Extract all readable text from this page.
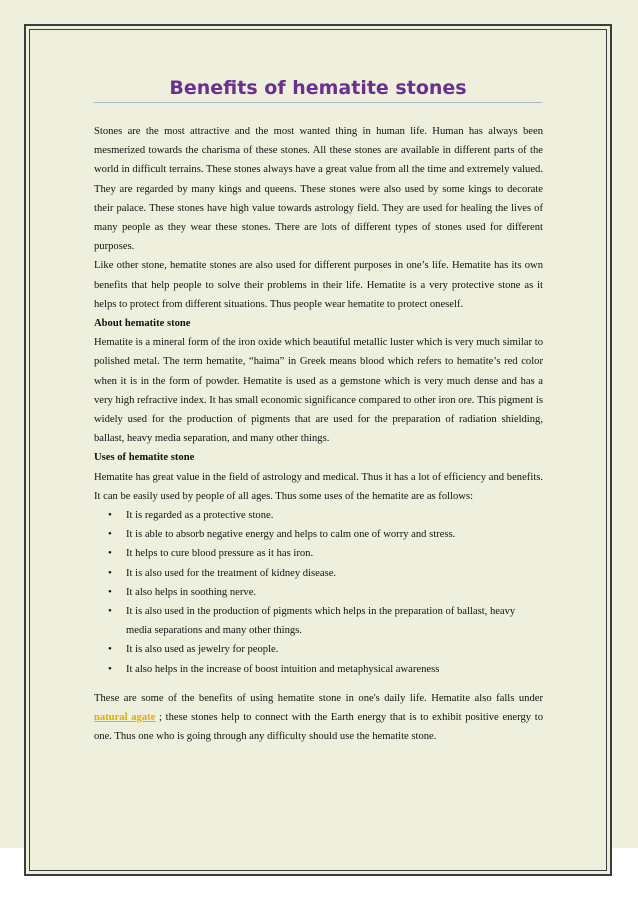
Benefits of hematite stones

Stones are the most attractive and the most wanted thing in human life. Human has always been mesmerized towards the charisma of these stones. All these stones are available in different parts of the world in difficult terrains. These stones always have a great value from all the time and extremely valued. They are regarded by many kings and queens. These stones were also used by some kings to decorate their palace. These stones have high value towards astrology field. They are used for healing the lives of many people as they wear these stones. There are lots of different types of stones used for different purposes.

Like other stone, hematite stones are also used for different purposes in one’s life. Hematite has its own benefits that help people to solve their problems in their life. Hematite is a very protective stone as it helps to protect from different situations. Thus people wear hematite to protect oneself.

About hematite stone

Hematite is a mineral form of the iron oxide which beautiful metallic luster which is very much similar to polished metal. The term hematite, “haima” in Greek means blood which refers to hematite’s red color when it is in the form of powder. Hematite is used as a gemstone which is very much dense and has a very high refractive index. It has small economic significance compared to other iron ore. This pigment is widely used for the production of pigments that are used for the preparation of radiation shielding, ballast, heavy media separation, and many other things.

Uses of hematite stone

Hematite has great value in the field of astrology and medical. Thus it has a lot of efficiency and benefits. It can be easily used by people of all ages. Thus some uses of the hematite are as follows:

• It is regarded as a protective stone.
• It is able to absorb negative energy and helps to calm one of worry and stress.
• It helps to cure blood pressure as it has iron.
• It is also used for the treatment of kidney disease.
• It also helps in soothing nerve.
• It is also used in the production of pigments which helps in the preparation of ballast, heavy media separations and many other things.
• It is also used as jewelry for people.
• It also helps in the increase of boost intuition and metaphysical awareness

These are some of the benefits of using hematite stone in one's daily life. Hematite also falls under natural agate ; these stones help to connect with the Earth energy that is to exhibit positive energy to one. Thus one who is going through any difficulty should use the hematite stone.
